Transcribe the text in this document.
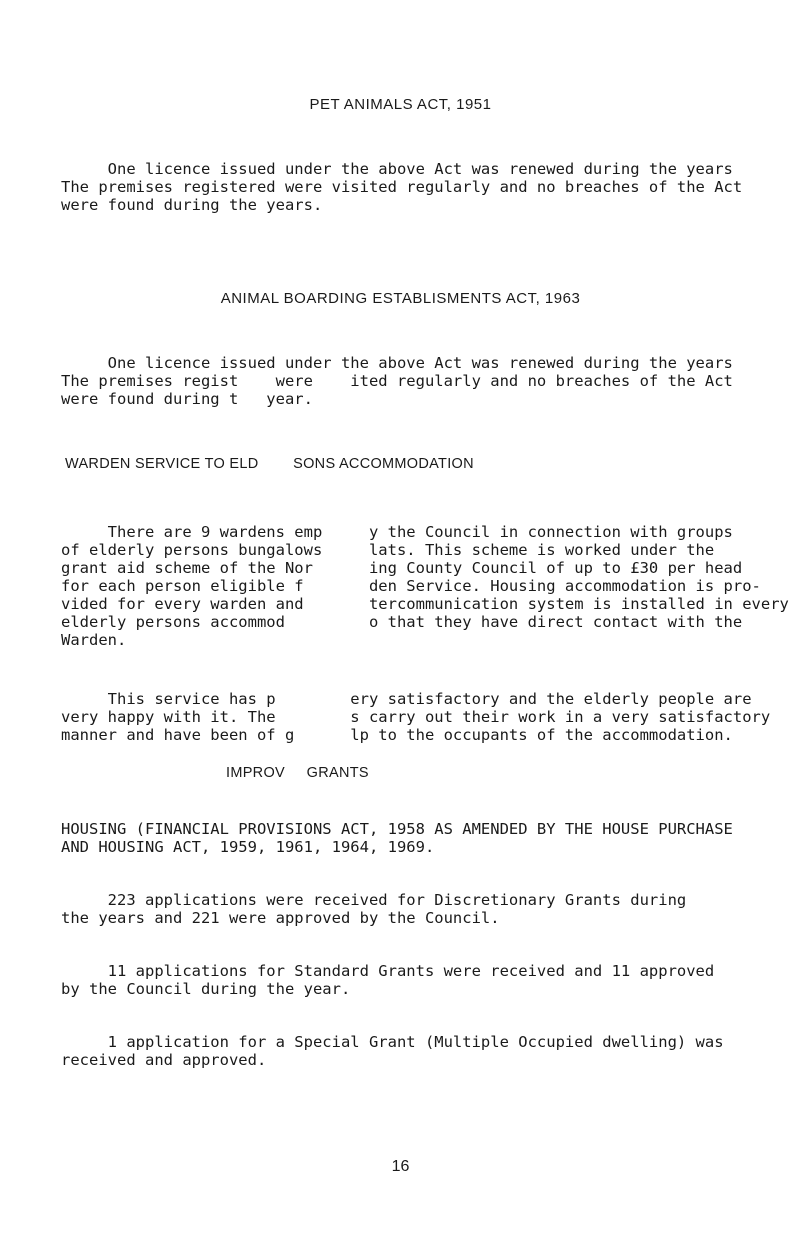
PET ANIMALS ACT, 1951
One licence issued under the above Act was renewed during the years
The premises registered were visited regularly and no breaches of the Act
were found during the years.
ANIMAL BOARDING ESTABLISMENTS ACT, 1963
One licence issued under the above Act was renewed during the years
The premises regist    were    ited regularly and no breaches of the Act
were found during t   year.
WARDEN SERVICE TO ELD        SONS ACCOMMODATION
There are 9 wardens emp     y the Council in connection with groups
of elderly persons bungalows     lats. This scheme is worked under the
grant aid scheme of the Nor      ing County Council of up to £30 per head
for each person eligible f       den Service. Housing accommodation is pro-
vided for every warden and       tercommunication system is installed in every
elderly persons accommod         o that they have direct contact with the
Warden.
This service has p        ery satisfactory and the elderly people are
very happy with it. The        s carry out their work in a very satisfactory
manner and have been of g      lp to the occupants of the accommodation.
IMPROV     GRANTS
HOUSING (FINANCIAL PROVISIONS ACT, 1958 AS AMENDED BY THE HOUSE PURCHASE
AND HOUSING ACT, 1959, 1961, 1964, 1969.
223 applications were received for Discretionary Grants during
the years and 221 were approved by the Council.
11 applications for Standard Grants were received and 11 approved
by the Council during the year.
1 application for a Special Grant (Multiple Occupied dwelling) was
received and approved.
16
